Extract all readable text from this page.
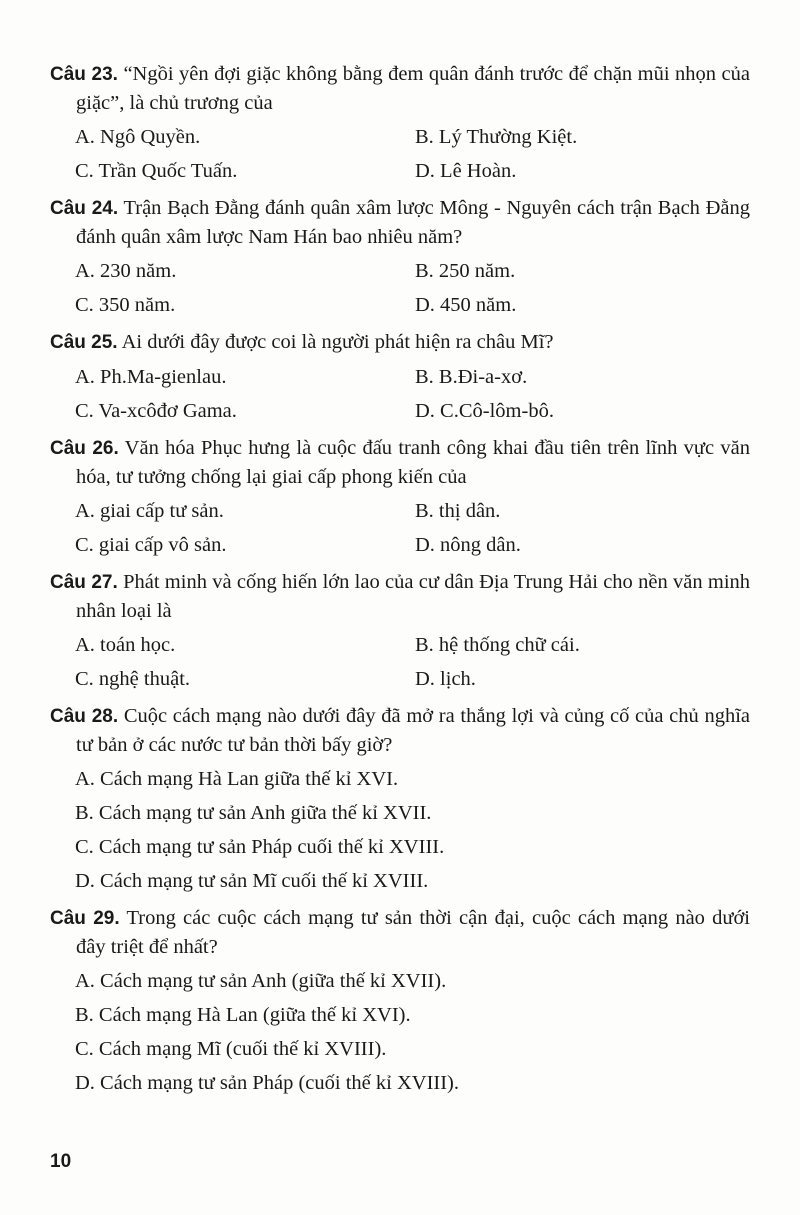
Câu 23. “Ngồi yên đợi giặc không bằng đem quân đánh trước để chặn mũi nhọn của giặc”, là chủ trương của
A. Ngô Quyền.	B. Lý Thường Kiệt.
C. Trần Quốc Tuấn.	D. Lê Hoàn.
Câu 24. Trận Bạch Đằng đánh quân xâm lược Mông - Nguyên cách trận Bạch Đằng đánh quân xâm lược Nam Hán bao nhiêu năm?
A. 230 năm.	B. 250 năm.
C. 350 năm.	D. 450 năm.
Câu 25. Ai dưới đây được coi là người phát hiện ra châu Mĩ?
A. Ph.Ma-gienlau.	B. B.Đi-a-xơ.
C. Va-xcôđơ Gama.	D. C.Cô-lôm-bô.
Câu 26. Văn hóa Phục hưng là cuộc đấu tranh công khai đầu tiên trên lĩnh vực văn hóa, tư tưởng chống lại giai cấp phong kiến của
A. giai cấp tư sản.	B. thị dân.
C. giai cấp vô sản.	D. nông dân.
Câu 27. Phát minh và cống hiến lớn lao của cư dân Địa Trung Hải cho nền văn minh nhân loại là
A. toán học.	B. hệ thống chữ cái.
C. nghệ thuật.	D. lịch.
Câu 28. Cuộc cách mạng nào dưới đây đã mở ra thắng lợi và củng cố của chủ nghĩa tư bản ở các nước tư bản thời bấy giờ?
A. Cách mạng Hà Lan giữa thế kỉ XVI.
B. Cách mạng tư sản Anh giữa thế kỉ XVII.
C. Cách mạng tư sản Pháp cuối thế kỉ XVIII.
D. Cách mạng tư sản Mĩ cuối thế kỉ XVIII.
Câu 29. Trong các cuộc cách mạng tư sản thời cận đại, cuộc cách mạng nào dưới đây triệt để nhất?
A. Cách mạng tư sản Anh (giữa thế kỉ XVII).
B. Cách mạng Hà Lan (giữa thế kỉ XVI).
C. Cách mạng Mĩ (cuối thế kỉ XVIII).
D. Cách mạng tư sản Pháp (cuối thế kỉ XVIII).
10
